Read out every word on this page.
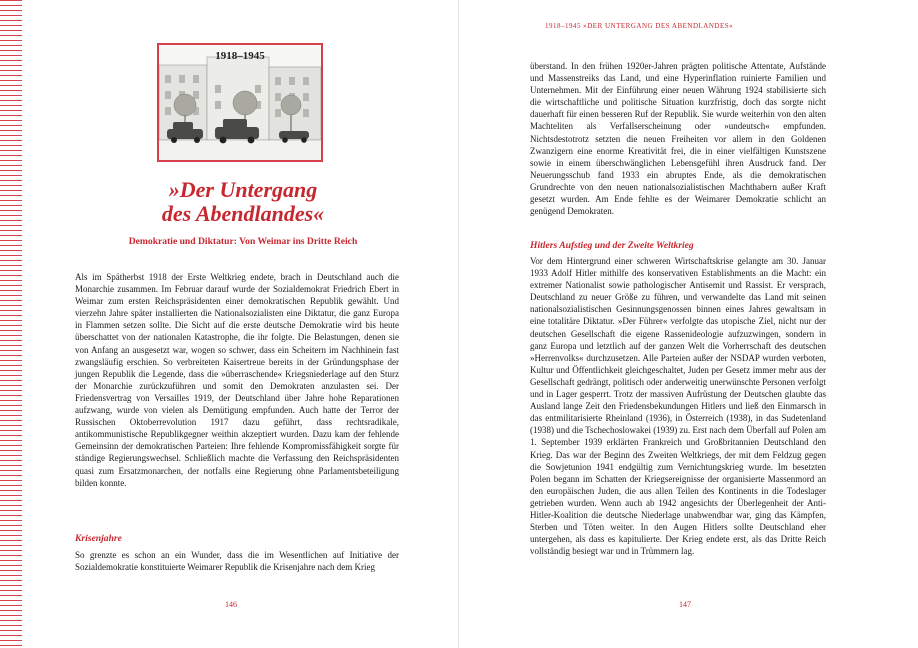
1918–1945
»Der Untergang
des Abendlandes«

Demokratie und Diktatur: Von Weimar ins Dritte Reich

Als im Spätherbst 1918 der Erste Weltkrieg endete, brach in Deutschland auch die Monarchie zusammen. Im Februar darauf wurde der Sozialdemokrat Friedrich Ebert in Weimar zum ersten Reichspräsidenten einer demokratischen Republik gewählt. Und vierzehn Jahre später installierten die Nationalsozialisten eine Diktatur, die ganz Europa in Flammen setzen sollte. Die Sicht auf die erste deutsche Demokratie wird bis heute überschattet von der nationalen Katastrophe, die ihr folgte. Die Belastungen, denen sie von Anfang an ausgesetzt war, wogen so schwer, dass ein Scheitern im Nachhinein fast zwangsläufig erschien. So verbreiteten Kaisertreue bereits in der Gründungsphase der jungen Republik die Legende, dass die »überraschende« Kriegsniederlage auf den Sturz der Monarchie zurückzuführen und somit den Demokraten anzulasten sei. Der Friedensvertrag von Versailles 1919, der Deutschland über Jahre hohe Reparationen aufzwang, wurde von vielen als Demütigung empfunden. Auch hatte der Terror der Russischen Oktoberrevolution 1917 dazu geführt, dass rechtsradikale, antikommunistische Republikgegner weithin akzeptiert wurden. Dazu kam der fehlende Gemeinsinn der demokratischen Parteien: Ihre fehlende Kompromissfähigkeit sorgte für ständige Regierungswechsel. Schließlich machte die Verfassung den Reichspräsidenten quasi zum Ersatzmonarchen, der notfalls eine Regierung ohne Parlamentsbeteiligung bilden konnte.

Krisenjahre

So grenzte es schon an ein Wunder, dass die im Wesentlichen auf Initiative der Sozialdemokratie konstituierte Weimarer Republik die Krisenjahre nach dem Krieg

146
1918–1945 »DER UNTERGANG DES ABENDLANDES«

überstand. In den frühen 1920er-Jahren prägten politische Attentate, Aufstände und Massenstreiks das Land, und eine Hyperinflation ruinierte Familien und Unternehmen. Mit der Einführung einer neuen Währung 1924 stabilisierte sich die wirtschaftliche und politische Situation kurzfristig, doch das sorgte nicht dauerhaft für einen besseren Ruf der Republik. Sie wurde weiterhin von den alten Machteliten als Verfallserscheinung oder »undeutsch« empfunden. Nichtsdestotrotz setzten die neuen Freiheiten vor allem in den Goldenen Zwanzigern eine enorme Kreativität frei, die in einer vielfältigen Kunstszene sowie in einem überschwänglichen Lebensgefühl ihren Ausdruck fand. Der Neuerungsschub fand 1933 ein abruptes Ende, als die demokratischen Grundrechte von den neuen nationalsozialistischen Machthabern außer Kraft gesetzt wurden. Am Ende fehlte es der Weimarer Demokratie schlicht an genügend Demokraten.

Hitlers Aufstieg und der Zweite Weltkrieg

Vor dem Hintergrund einer schweren Wirtschaftskrise gelangte am 30. Januar 1933 Adolf Hitler mithilfe des konservativen Establishments an die Macht: ein extremer Nationalist sowie pathologischer Antisemit und Rassist. Er versprach, Deutschland zu neuer Größe zu führen, und verwandelte das Land mit seinen nationalsozialistischen Gesinnungsgenossen binnen eines Jahres gewaltsam in eine totalitäre Diktatur. »Der Führer« verfolgte das utopische Ziel, nicht nur der deutschen Gesellschaft die eigene Rassenideologie aufzuzwingen, sondern in ganz Europa und letztlich auf der ganzen Welt die Vorherrschaft des deutschen »Herrenvolks« durchzusetzen. Alle Parteien außer der NSDAP wurden verboten, Kultur und Öffentlichkeit gleichgeschaltet, Juden per Gesetz immer mehr aus der Gesellschaft gedrängt, politisch oder anderweitig unerwünschte Personen verfolgt und in Lager gesperrt. Trotz der massiven Aufrüstung der Deutschen glaubte das Ausland lange Zeit den Friedensbekundungen Hitlers und ließ den Einmarsch in das entmilitarisierte Rheinland (1936), in Österreich (1938), in das Sudetenland (1938) und die Tschechoslowakei (1939) zu. Erst nach dem Überfall auf Polen am 1. September 1939 erklärten Frankreich und Großbritannien Deutschland den Krieg. Das war der Beginn des Zweiten Weltkriegs, der mit dem Feldzug gegen die Sowjetunion 1941 endgültig zum Vernichtungskrieg wurde. Im besetzten Polen begann im Schatten der Kriegsereignisse der organisierte Massenmord an den europäischen Juden, die aus allen Teilen des Kontinents in die Todeslager getrieben wurden. Wenn auch ab 1942 angesichts der Überlegenheit der Anti-Hitler-Koalition die deutsche Niederlage unabwendbar war, ging das Kämpfen, Sterben und Töten weiter. In den Augen Hitlers sollte Deutschland eher untergehen, als dass es kapitulierte. Der Krieg endete erst, als das Dritte Reich vollständig besiegt war und in Trümmern lag.

147
